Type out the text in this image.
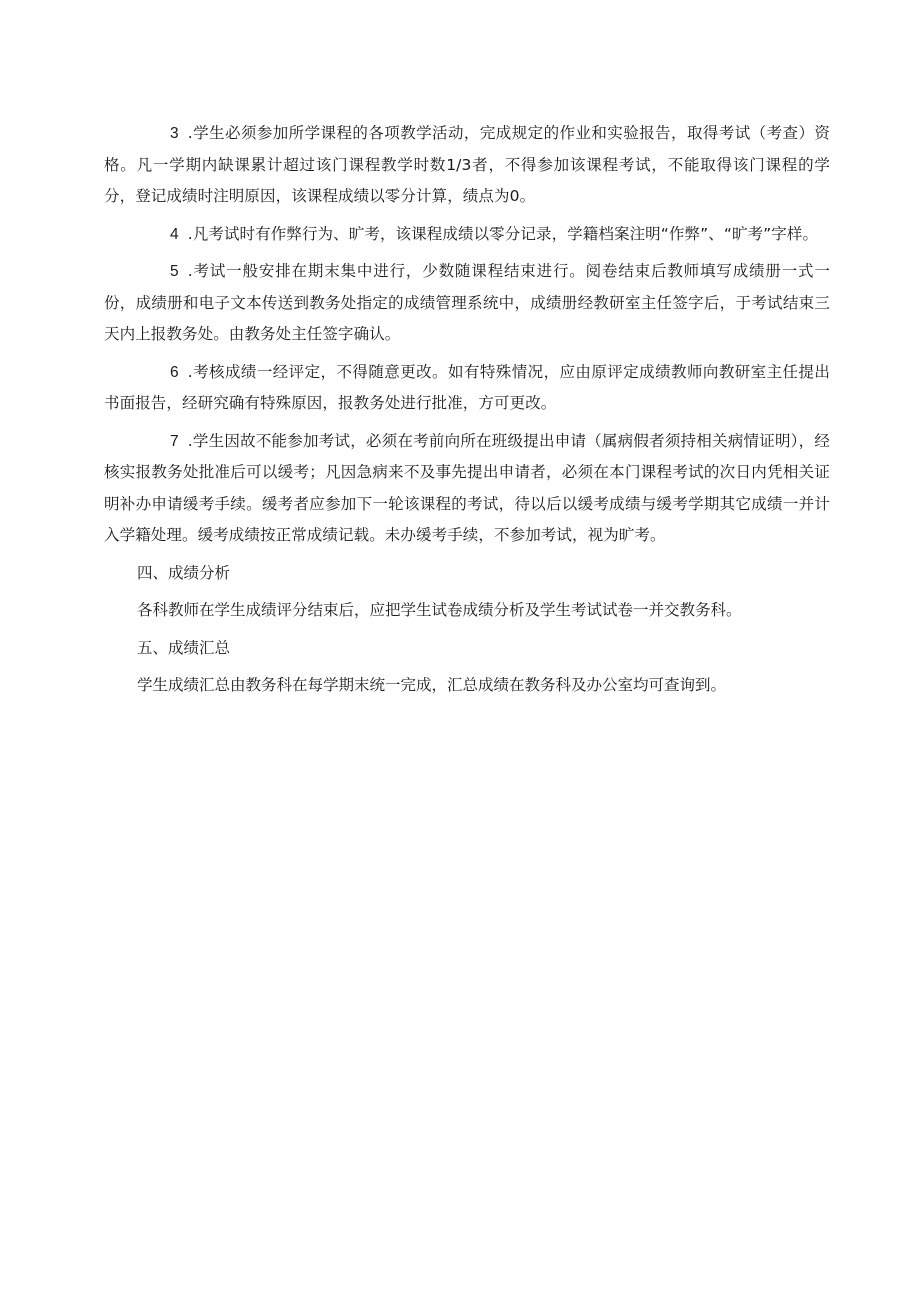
3 .学生必须参加所学课程的各项教学活动，完成规定的作业和实验报告，取得考试（考查）资格。凡一学期内缺课累计超过该门课程教学时数1/3者，不得参加该课程考试，不能取得该门课程的学分，登记成绩时注明原因，该课程成绩以零分计算，绩点为0。

4 .凡考试时有作弊行为、旷考，该课程成绩以零分记录，学籍档案注明“作弊”、“旷考”字样。

5 .考试一般安排在期末集中进行，少数随课程结束进行。阅卷结束后教师填写成绩册一式一份，成绩册和电子文本传送到教务处指定的成绩管理系统中，成绩册经教研室主任签字后，于考试结束三天内上报教务处。由教务处主任签字确认。

6 .考核成绩一经评定，不得随意更改。如有特殊情况，应由原评定成绩教师向教研室主任提出书面报告，经研究确有特殊原因，报教务处进行批准，方可更改。

7 .学生因故不能参加考试，必须在考前向所在班级提出申请（属病假者须持相关病情证明），经核实报教务处批准后可以缓考；凡因急病来不及事先提出申请者，必须在本门课程考试的次日内凭相关证明补办申请缓考手续。缓考者应参加下一轮该课程的考试，待以后以缓考成绩与缓考学期其它成绩一并计入学籍处理。缓考成绩按正常成绩记载。未办缓考手续，不参加考试，视为旷考。

四、成绩分析

各科教师在学生成绩评分结束后，应把学生试卷成绩分析及学生考试试卷一并交教务科。

五、成绩汇总

学生成绩汇总由教务科在每学期末统一完成，汇总成绩在教务科及办公室均可查询到。
